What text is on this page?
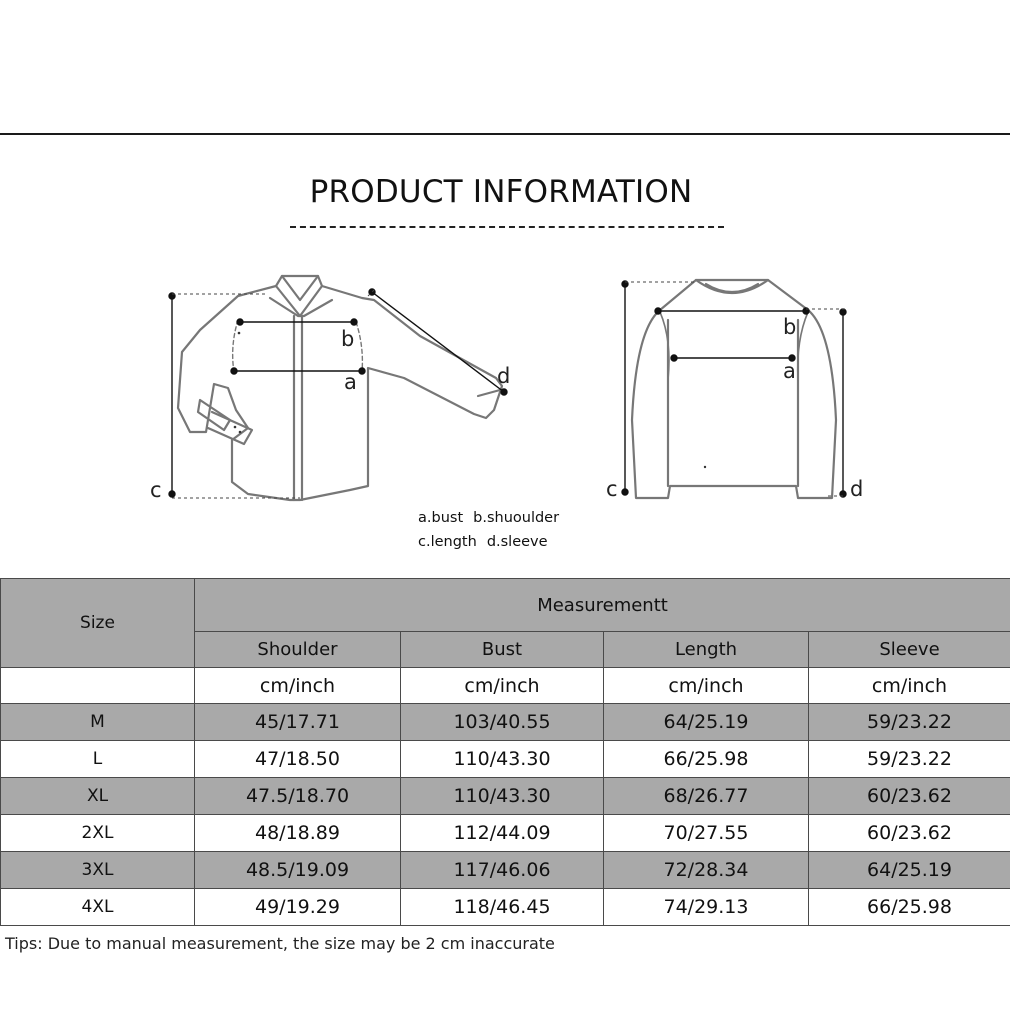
PRODUCT INFORMATION
b
a
c
d
b
a
c	d
a.bust b.shuoulder
c.length d.sleeve
Size	Measurementt			
	Shoulder	Bust	Length	Sleeve
	cm/inch	cm/inch	cm/inch	cm/inch
M	45/17.71	103/40.55	64/25.19	59/23.22
L	47/18.50	110/43.30	66/25.98	59/23.22
XL	47.5/18.70	110/43.30	68/26.77	60/23.62
2XL	48/18.89	112/44.09	70/27.55	60/23.62
3XL	48.5/19.09	117/46.06	72/28.34	64/25.19
4XL	49/19.29	118/46.45	74/29.13	66/25.98
Tips: Due to manual measurement, the size may be 2 cm inaccurate
